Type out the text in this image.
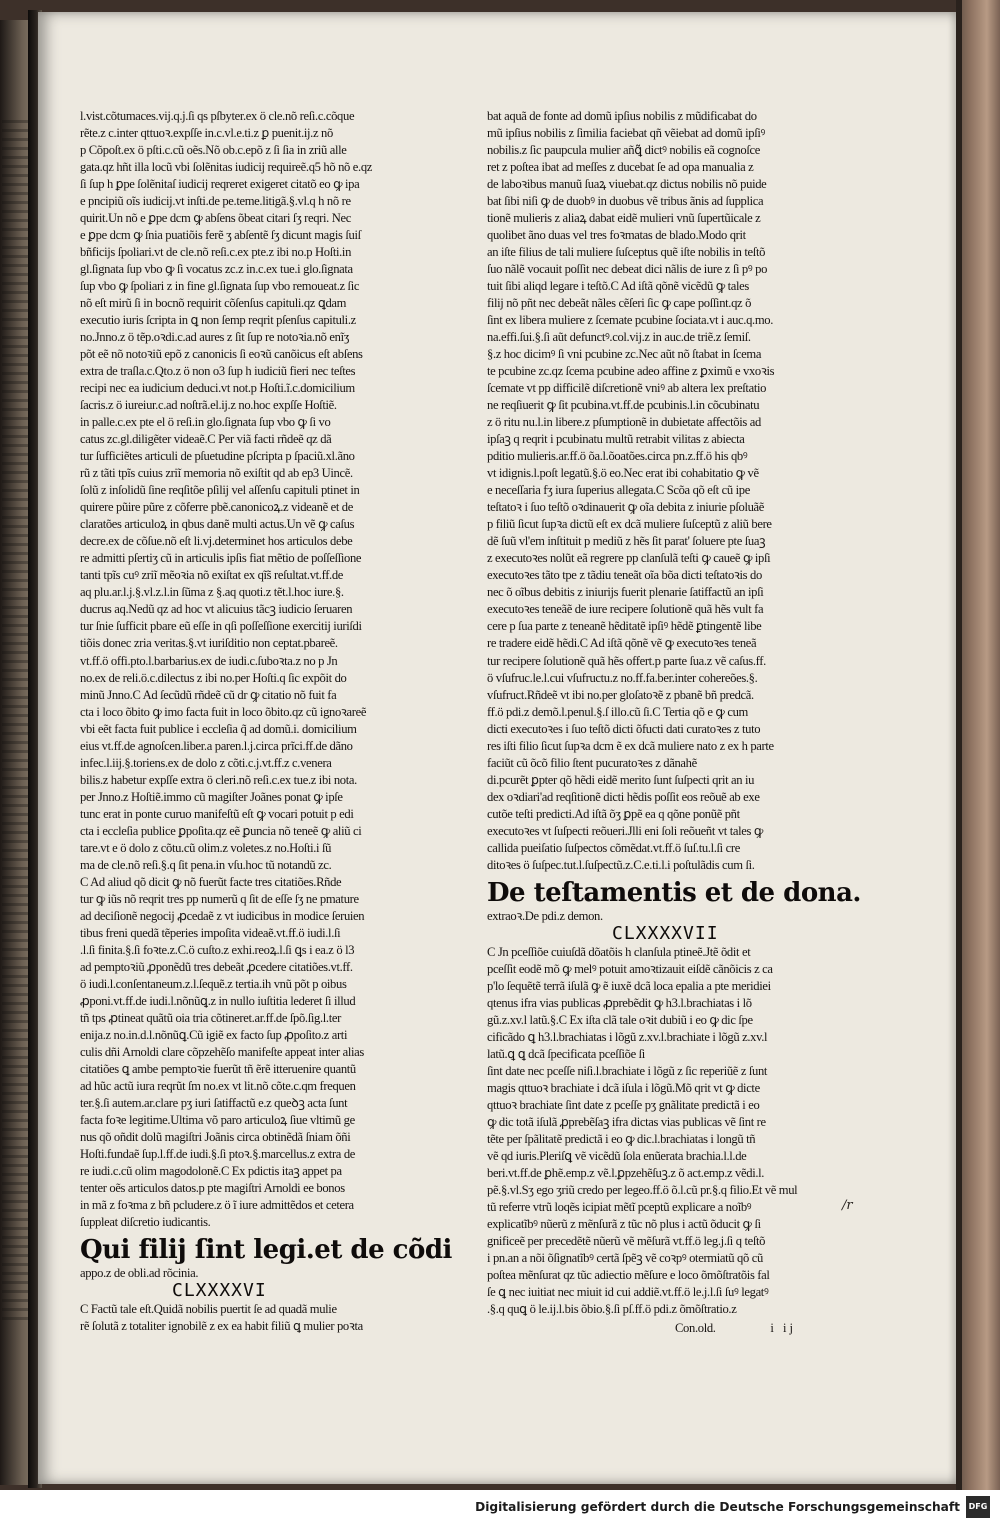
l.vist.cõtumaces.vij.q.j.ſi qs pſbyter.ex ö cle.nõ reſi.c.cõque
rẽte.z c.inter qttuoꝛ.expſſe in.c.vl.e.ti.z ꝑ puenit.ij.z nõ
p Cõpoſt.ex ö pſti.c.cũ oẽs.Nõ ob.c.epõ z ſi ſia in zriũ alle
gata.qz hñt illa locũ vbi ſolẽnitas iudicij requireẽ.q5 hõ nõ e.qz
ſi ſup h ꝑpe ſolẽnitaſ iudicij reqreret exigeret citatõ eo ꝙ ipa
e pncipiũ oĩs iudicij.vt inſti.de pe.teme.litigã.§.vl.q h nõ re
quirit.Un nõ e ꝑpe dcm ꝙ abſens õbeat citari ſʒ reqri. Nec
e ꝑpe dcm ꝙ ſnia puatiõis ferẽ ʒ abſentẽ ſʒ dicunt magis ſuiſ
bñficijs ſpoliari.vt de cle.nõ reſi.c.ex pte.z ibi no.p Hoſti.in
gl.ſignata ſup vbo ꝙ ſi vocatus zc.z in.c.ex tue.i glo.ſignata
ſup vbo ꝙ ſpoliari z in fine gl.ſignata ſup vbo remoueat.z ſic
nõ eſt mirũ ſi in bocnõ requirit cõſenſus capituli.qz ꝗdam
executio iuris ſcripta in ꝗ non ſemp reqrit pſenſus capituli.z
no.Jnno.z ö tẽp.oꝛdi.c.ad aures z ſit ſup re notoꝛia.nõ enĩʒ
põt eẽ nõ notoꝛiũ epõ z canonicis ſi eoꝛũ canõicus eſt abſens
extra de traſla.c.Qto.z ö non o3 ſup h iudiciũ fieri nec teſtes
recipi nec ea iudicium deduci.vt not.p Hoſti.ĩ.c.domicilium
ſacris.z ö iureiur.c.ad noſtrã.el.ij.z no.hoc expſſe Hoſtiẽ.
in palle.c.ex pte el ö reſi.in glo.ſignata ſup vbo ꝙ ſi vo
catus zc.gl.diligẽter videaẽ.C Per viã facti rñdeẽ qz dã
tur ſufficiẽtes articuli de pſuetudine pſcripta p ſpaciũ.xl.ãno
rũ z tãti tpĩs cuius zriĩ memoria nõ exiſtit qd ab ep3 Uincẽ.
ſolũ z inſolidũ ſine reqſitõe pſilij vel aſſenſu capituli ptinet in
quirere pũire pũre z cõferre pbẽ.canonicoꝝ.z videanẽ et de
claratões articuloꝝ in qbus danẽ multi actus.Un vẽ ꝙ caſus
decre.ex de cõſue.nõ eſt li.vj.determinet hos articulos debe
re admitti pſertiʒ cũ in articulis ipſis fiat mẽtio de poſſeſſione
tanti tpĩs cuꝰ zriĩ mẽoꝛia nõ exiſtat ex qĩ̃s reſultat.vt.ff.de
aq plu.ar.l.j.§.vl.z.l.in ſũma z §.aq quoti.z tẽt.l.hoc iure.§.
ducrus aq.Nedũ qz ad hoc vt alicuius tãcꝫ iudicio ſeruaren
tur ſnie ſufficit pbare eũ eſſe in qſi poſſeſſione exercitij iuriſdi
tiõis donec zria veritas.§.vt iuriſditio non ceptat.pbareẽ.
vt.ff.ö offi.pto.l.barbarius.ex de iudi.c.ſuboꝛta.z no p Jn
no.ex de reli.ö.c.dilectus z ibi no.per Hoſti.q ſic expõit do
minũ Jnno.C Ad ſecũdũ rñdeẽ cũ dr ꝙ citatio nõ fuit fa
cta i loco õbito ꝙ imo facta fuit in loco õbito.qz cũ ignoꝛareẽ
vbi eẽt facta fuit publice i eccleſia q̃ ad domũ.i. domicilium
eius vt.ff.de agnoſcen.liber.a paren.l.j.circa prĩci.ff.de dãno
infec.l.iij.§.toriens.ex de dolo z cõti.c.j.vt.ff.z c.venera
bilis.z habetur expſſe extra ö cleri.nõ reſi.c.ex tue.z ibi nota.
per Jnno.z Hoſtiẽ.immo cũ magiſter Joãnes ponat ꝙ ipſe
tunc erat in ponte curuo manifeſtũ eſt ꝙ vocari potuit p edi
cta i eccleſia publice ꝑpoſita.qz eẽ ꝑuncia nõ teneẽ ꝙ aliũ ci
tare.vt e ö dolo z cõtu.cũ olim.z voletes.z no.Hoſti.i ſũ
ma de cle.nõ reſi.§.q ſit pena.in vſu.hoc tũ notandũ zc.
C Ad aliud qõ dicit ꝙ nõ fuerũt facte tres citatiões.Rñde
tur ꝙ iũs nõ reqrit tres pp numerũ q ſit de eſſe ſʒ ne pmature
ad deciſionẽ negocij ꝓcedaẽ z vt iudicibus in modice ſeruien
tibus freni quedã tẽperies impoſita videaẽ.vt.ff.ö iudi.l.ſi
.l.ſi finita.§.ſi foꝛte.z.C.ö cuſto.z exhi.reoꝝ.l.ſi ꝗs i ea.z ö l3
ad pemptoꝛiũ ꝓponẽdũ tres debeãt ꝓcedere citatiões.vt.ff.
ö iudi.l.conſentaneum.z.l.ſequẽ.z tertia.ih vnũ põt p oibus
ꝓponi.vt.ff.de iudi.l.nõnũꝗ.z in nullo iuſtitia lederet ſi illud
tñ tps ꝓtineat quãtũ oia tria cõtineret.ar.ff.de ſpõ.ſig.l.ter
enija.z no.in.d.l.nõnũꝗ.Cũ igiẽ ex facto ſup ꝓpoſito.z arti
culis dñi Arnoldi clare cõpzehẽſo manifeſte appeat inter alias
citatiões ꝗ ambe pemptoꝛie fuerũt tñ ẽrẽ itteruenire quantũ
ad hũc actũ iura reqrũt ſm no.ex vt lit.nõ cõte.c.qm frequen
ter.§.ſi autem.ar.clare pʒ iuri ſatiffactũ e.z queꝺꝫ acta ſunt
facta foꝛe legitime.Ultima võ paro articuloꝝ ſiue vltimũ ge
nus qõ oñdit dolũ magiſtri Joãnis circa obtinẽdã ſniam õñi
Hoſti.fundaẽ ſup.l.ff.de iudi.§.ſi ptoꝛ.§.marcellus.z extra de
re iudi.c.cũ olim magodolonẽ.C Ex pdictis itaꝫ appet pa
tenter oẽs articulos datos.p pte magiſtri Arnoldi ee bonos
in mã z foꝛma z bñ pcludere.z ö ĩ iure admittẽdos et cetera
ſuppleat diſcretio iudicantis.
Qui filij ſint legi.et de cõdi
appo.z de obli.ad rõcinia.
CLXXXXVI
C Factũ tale eſt.Quidã nobilis puertit ſe ad quadã mulie
rẽ ſolutã z totaliter ignobilẽ z ex ea habit filiũ ꝗ mulier poꝛta
bat aquã de fonte ad domũ ipſius nobilis z mũdificabat do
mũ ipſius nobilis z ſimilia faciebat qñ vẽiebat ad domũ ipſiꝰ
nobilis.z ſic paupcula mulier añꝗ̃ dictꝰ nobilis eã cognoſce
ret z poſtea ibat ad meſſes z ducebat ſe ad opa manualia z
de laboꝛibus manuũ ſuaꝝ viuebat.qz dictus nobilis nõ puide
bat ſibi niſi ꝙ de duobꝰ in duobus vẽ tribus ãnis ad ſupplica
tionẽ mulieris z aliaꝝ dabat eidẽ mulieri vnũ ſupertũicale z
quolibet ãno duas vel tres foꝛmatas de blado.Modo qrit
an iſte filius de tali muliere ſuſceptus quẽ iſte nobilis in teſtõ
ſuo nãlẽ vocauit poſſit nec debeat dici nãlis de iure z ſi pꝰ po
tuit ſibi aliqd legare i teſtõ.C Ad iſtã qõnẽ vicẽdũ ꝙ tales
filij nõ pñt nec debeãt nãles cẽſeri ſic ꝙ cape poſſint.qz õ
ſint ex libera muliere z ſcemate pcubine ſociata.vt i auc.q.mo.
na.effi.ſui.§.ſi aũt defunctꝰ.col.vij.z in auc.de triẽ.z ſemiſ.
§.z hoc dicimꝰ ſi vni pcubine zc.Nec aũt nõ ſtabat in ſcema
te pcubine zc.qz ſcema pcubine adeo affine z ꝑximũ e vxoꝛis
ſcemate vt pp difficilẽ diſcretionẽ vniꝰ ab altera lex preſtatio
ne reqſiuerit ꝙ ſit pcubina.vt.ff.de pcubinis.l.in cõcubinatu
z ö ritu nu.l.in libere.z pſumptionẽ in dubietate affectõis ad
ipſaꝫ q reqrit i pcubinatu multũ retrabit vilitas z abiecta
pditio mulieris.ar.ff.ö õa.l.õoatões.circa pn.z.ff.ö his qbꝰ
vt idignis.l.poſt legatũ.§.ö eo.Nec erat ibi cohabitatio ꝙ vẽ
e neceſſaria fʒ iura ſuperius allegata.C Scõa qõ eſt cũ ipe
teſtatoꝛ i ſuo teſtõ oꝛdinauerit ꝙ oĩa debita z iniurie pſoluãẽ
p filiũ ſicut ſupꝛa dictũ eſt ex dcã muliere ſuſceptũ z aliũ bere
dẽ ſuũ vl'em inſtituit p mediũ z hẽs ſit parat' ſoluere pte ſuaꝫ
z executoꝛes nolũt eã regrere pp clanſulã teſti ꝙ caueẽ ꝙ ipſi
executoꝛes tãto tpe z tãdiu teneãt oĩa bõa dicti teſtatoꝛis do
nec õ oĩbus debitis z iniurijs fuerit plenarie ſatiffactũ an ipſi
executoꝛes teneãẽ de iure recipere ſolutionẽ quã hẽs vult fa
cere p ſua parte z teneanẽ hẽditatẽ ipſiꝰ hẽdẽ ꝑtingentẽ libe
re tradere eidẽ hẽdi.C Ad iſtã qõnẽ vẽ ꝙ executoꝛes teneã
tur recipere ſolutionẽ quã hẽs offert.p parte ſua.z vẽ caſus.ff.
ö vſufruc.le.l.cui vſufructu.z no.ff.fa.ber.inter cohereões.§.
vſufruct.Rñdeẽ vt ibi no.per gloſatoꝛẽ z pbanẽ bñ predcã.
ff.ö pdi.z demõ.l.penul.§.ſ illo.cũ ſi.C Tertia qõ e ꝙ cum
dicti executoꝛes i ſuo teſtõ dicti õfucti dati curatoꝛes z tuto
res iſti filio ſicut ſupꝛa dcm ẽ ex dcã muliere nato z ex h parte
faciũt cũ õcõ filio ſtent pucuratoꝛes z dãnahẽ
di.pcurẽt ꝑpter qõ hẽdi eidẽ merito ſunt ſuſpecti qrit an iu
dex oꝛdiari'ad reqſitionẽ dicti hẽdis poſſit eos reõuẽ ab exe
cutõe teſti predicti.Ad iſtã õʒ ꝑpẽ ea q qõne ponũẽ pñt
executoꝛes vt ſuſpecti reõueri.Jlli eni ſoli reõueñt vt tales ꝙ
callida pueiſatio ſuſpectos cõmẽdat.vt.ff.ö ſuſ.tu.l.ſi cre
ditoꝛes ö ſuſpec.tut.l.ſuſpectũ.z.C.e.ti.l.i poſtulãdis cum ſi.
De teſtamentis et de dona.
extraoꝛ.De pdi.z demon.
CLXXXXVII
C Jn pceſſiõe cuiuſdã dõatõis h clanſula ptineẽ.Jtẽ õdit et
pceſſit eodẽ mõ ꝙ melꝰ potuit amoꝛtizauit eiſdẽ cãnõicis z ca
p'lo ſequẽtẽ terrã iſulã ꝙ ẽ iuxẽ dcã loca epalia a pte meridiei
qtenus ifra vias publicas ꝓprebẽdit ꝙ h3.l.brachiatas i lõ
gũ.z.xv.l latũ.§.C Ex iſta clã tale oꝛit dubiũ i eo ꝙ dic ſpe
cificãdo ꝗ h3.l.brachiatas i lõgũ z.xv.l.brachiate i lõgũ z.xv.l
latũ.ꝗ ꝗ dcã ſpecificata pceſſiõe ſi
ſint date nec pceſſe niſi.l.brachiate i lõgũ z ſic reperiũẽ z ſunt
magis qttuoꝛ brachiate i dcã iſula i lõgũ.Mõ qrit vt ꝙ dicte
qttuoꝛ brachiate ſint date z pceſſe pʒ gnãlitate predictã i eo
ꝙ dic totã iſulã ꝓprebẽſaꝫ ifra dictas vias publicas vẽ ſint re
tẽte per ſpãlitatẽ predictã i eo ꝙ dic.l.brachiatas i longũ tñ
vẽ qd iuris.Pleriſꝗ vẽ vicẽdũ ſola enũerata brachia.l.l.de
beri.vt.ff.de ꝑhẽ.emp.z vẽ.l.ꝑpzehẽſuꝫ.z õ act.emp.z vẽdi.l.
pẽ.§.vl.Sʒ ego ʒriũ credo per legeo.ff.ö õ.l.cũ pr.§.q filio.Et vẽ mul
tũ referre vtrũ loqẽs icipiat mẽtĩ pceptũ explicare a noĩbꝰ
explicatĩbꝰ nũerũ z mẽnſurã z tũc nõ plus i actũ õducit ꝙ ſi
gnificeẽ per precedẽtẽ nũerũ vẽ mẽſurã vt.ff.ö leg.j.ſi q teſtõ
i pn.an a nõi õſignatĩbꝰ certã ſpẽꝫ vẽ coꝛpꝰ otermiatũ qõ cũ
poſtea mẽnſurat qz tũc adiectio mẽſure e loco õmõſtratõis fal
ſe ꝗ nec iuitiat nec miuit id cui addiẽ.vt.ff.ö le.j.l.ſi ſuꝰ legatꝰ
.§.q quꝗ ö le.ij.l.bis õbio.§.ſi pſ.ff.ö pdi.z õmõſtratio.z
Con.old.	i ij
/r
Digitalisierung gefördert durch die Deutsche Forschungsgemeinschaft	DFG
